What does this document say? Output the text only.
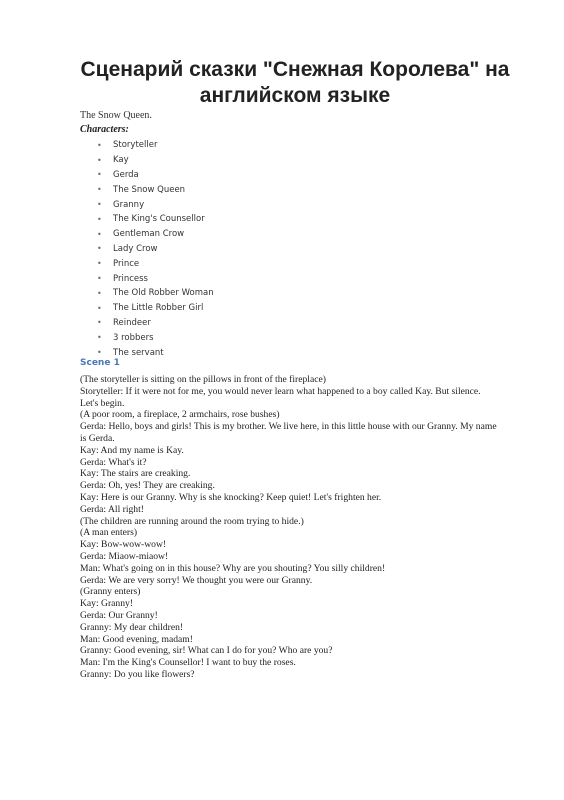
Сценарий сказки "Снежная Королева" на английском языке
The Snow Queen.
Characters:
•	Storyteller
•	Kay
•	Gerda
•	The Snow Queen
•	Granny
•	The King's Counsellor
•	Gentleman Crow
•	Lady Crow
•	Prince
•	Princess
•	The Old Robber Woman
•	The Little Robber Girl
•	Reindeer
•	3 robbers
•	The servant
Scene 1
(The storyteller is sitting on the pillows in front of the fireplace)
Storyteller: If it were not for me, you would never learn what happened to a boy called Kay. But silence. Let's begin.
(A poor room, a fireplace, 2 armchairs, rose bushes)
Gerda: Hello, boys and girls! This is my brother. We live here, in this little house with our Granny. My name is Gerda.
Kay: And my name is Kay.
Gerda: What's it?
Kay: The stairs are creaking.
Gerda: Oh, yes! They are creaking.
Kay: Here is our Granny. Why is she knocking? Keep quiet! Let's frighten her.
Gerda: All right!
(The children are running around the room trying to hide.)
(A man enters)
Kay: Bow-wow-wow!
Gerda: Miaow-miaow!
Man: What's going on in this house? Why are you shouting? You silly children!
Gerda: We are very sorry! We thought you were our Granny.
(Granny enters)
Kay: Granny!
Gerda: Our Granny!
Granny: My dear children!
Man: Good evening, madam!
Granny: Good evening, sir! What can I do for you? Who are you?
Man: I'm the King's Counsellor! I want to buy the roses.
Granny: Do you like flowers?
